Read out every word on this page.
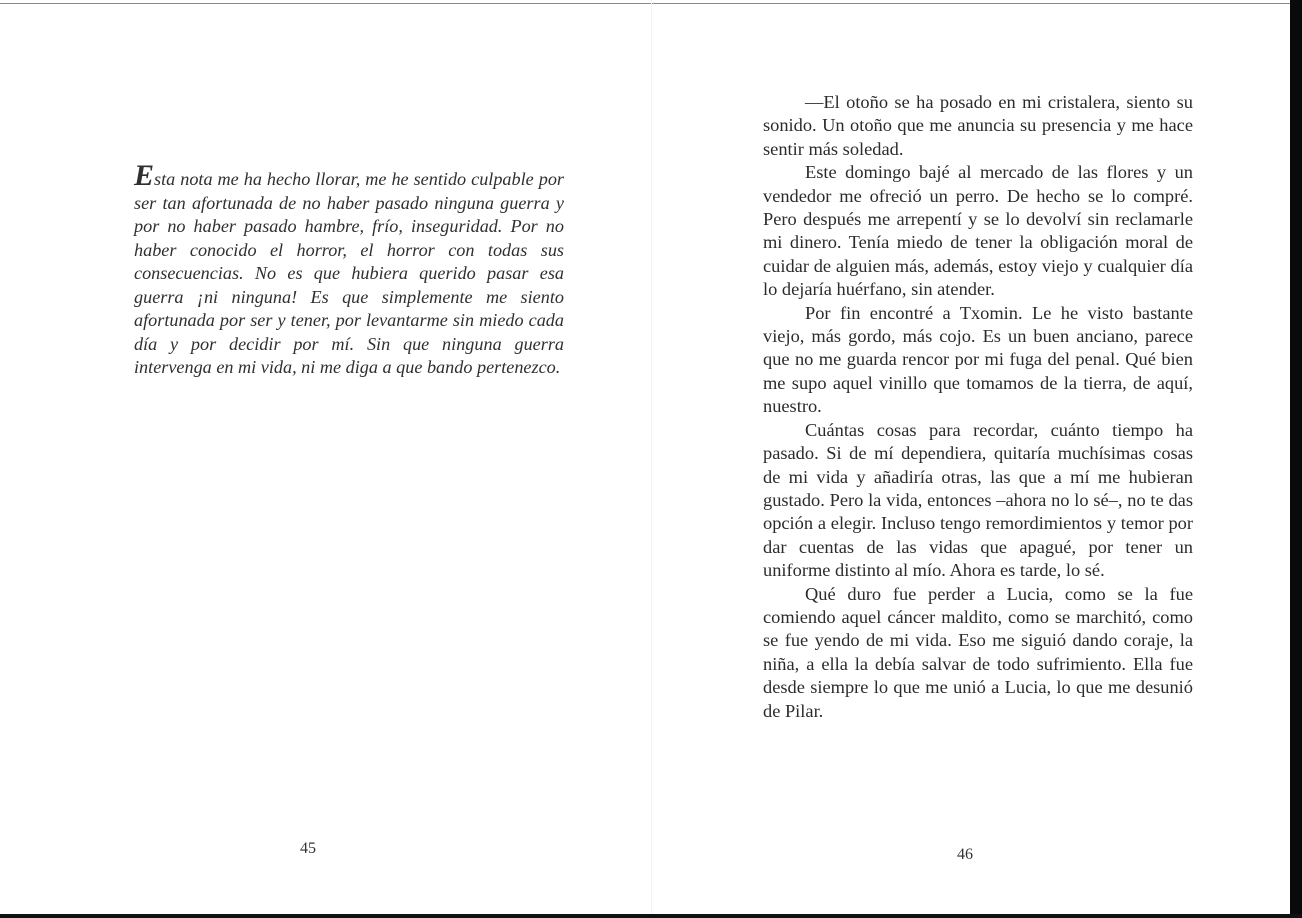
Esta nota me ha hecho llorar, me he sentido culpable por ser tan afortunada de no haber pasado ninguna guerra y por no haber pasado hambre, frío, inseguridad. Por no haber conocido el horror, el horror con todas sus consecuencias. No es que hubiera querido pasar esa guerra ¡ni ninguna! Es que simplemente me siento afortunada por ser y tener, por levantarme sin miedo cada día y por decidir por mí. Sin que ninguna guerra intervenga en mi vida, ni me diga a que bando pertenezco.
45

—El otoño se ha posado en mi cristalera, siento su sonido. Un otoño que me anuncia su presencia y me hace sentir más soledad.

Este domingo bajé al mercado de las flores y un vendedor me ofreció un perro. De hecho se lo compré. Pero después me arrepentí y se lo devolví sin reclamarle mi dinero. Tenía miedo de tener la obligación moral de cuidar de alguien más, además, estoy viejo y cualquier día lo dejaría huérfano, sin atender.

Por fin encontré a Txomin. Le he visto bastante viejo, más gordo, más cojo. Es un buen anciano, parece que no me guarda rencor por mi fuga del penal. Qué bien me supo aquel vinillo que tomamos de la tierra, de aquí, nuestro.

Cuántas cosas para recordar, cuánto tiempo ha pasado. Si de mí dependiera, quitaría muchísimas cosas de mi vida y añadiría otras, las que a mí me hubieran gustado. Pero la vida, entonces –ahora no lo sé–, no te das opción a elegir. Incluso tengo remordimientos y temor por dar cuentas de las vidas que apagué, por tener un uniforme distinto al mío. Ahora es tarde, lo sé.

Qué duro fue perder a Lucia, como se la fue comiendo aquel cáncer maldito, como se marchitó, como se fue yendo de mi vida. Eso me siguió dando coraje, la niña, a ella la debía salvar de todo sufrimiento. Ella fue desde siempre lo que me unió a Lucia, lo que me desunió de Pilar.

46
